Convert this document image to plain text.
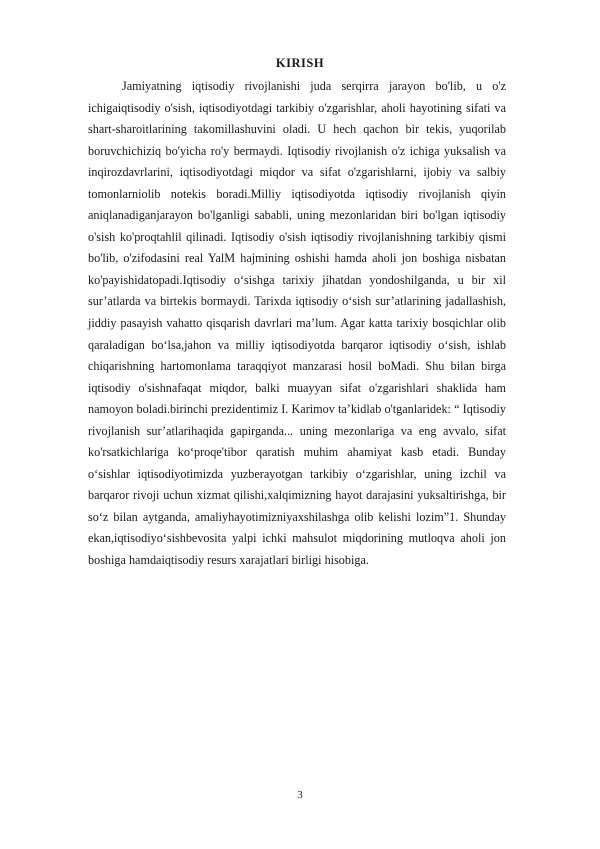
KIRISH

Jamiyatning iqtisodiy rivojlanishi juda serqirra jarayon bo'lib, u o'z ichigaiqtisodiy o'sish, iqtisodiyotdagi tarkibiy o'zgarishlar, aholi hayotining sifati va shart-sharoitlarining takomillashuvini oladi. U hech qachon bir tekis, yuqorilab boruvchichiziq bo'yicha ro'y bermaydi. Iqtisodiy rivojlanish o'z ichiga yuksalish va inqirozdavrlarini, iqtisodiyotdagi miqdor va sifat o'zgarishlarni, ijobiy va salbiy tomonlarniolib notekis boradi.Milliy iqtisodiyotda iqtisodiy rivojlanish qiyin aniqlanadiganjarayon bo'lganligi sababli, uning mezonlaridan biri bo'lgan iqtisodiy o'sish ko'proqtahlil qilinadi. Iqtisodiy o'sish iqtisodiy rivojlanishning tarkibiy qismi bo'lib, o'zifodasini real YalM hajmining oshishi hamda aholi jon boshiga nisbatan ko'payishidatopadi.Iqtisodiy o‘sishga tarixiy jihatdan yondoshilganda, u bir xil sur’atlarda va birtekis bormaydi. Tarixda iqtisodiy o‘sish sur’atlarining jadallashish, jiddiy pasayish vahatto qisqarish davrlari ma’lum. Agar katta tarixiy bosqichlar olib qaraladigan bo‘lsa,jahon va milliy iqtisodiyotda barqaror iqtisodiy o‘sish, ishlab chiqarishning hartomonlama taraqqiyot manzarasi hosil boMadi. Shu bilan birga iqtisodiy o'sishnafaqat miqdor, balki muayyan sifat o'zgarishlari shaklida ham namoyon boladi.birinchi prezidentimiz I. Karimov ta’kidlab o'tganlaridek: “ Iqtisodiy rivojlanish sur’atlarihaqida gapirganda... uning mezonlariga va eng avvalo, sifat ko'rsatkichlariga ko‘proqe'tibor qaratish muhim ahamiyat kasb etadi. Bunday o‘sishlar iqtisodiyotimizda yuzberayotgan tarkibiy o‘zgarishlar, uning izchil va barqaror rivoji uchun xizmat qilishi,xalqimizning hayot darajasini yuksaltirishga, bir so‘z bilan aytganda, amaliyhayotimizniyaxshilashga olib kelishi lozim”1. Shunday ekan,iqtisodiyo‘sishbevosita yalpi ichki mahsulot miqdorining mutloqva aholi jon boshiga hamdaiqtisodiy resurs xarajatlari birligi hisobiga.

3
